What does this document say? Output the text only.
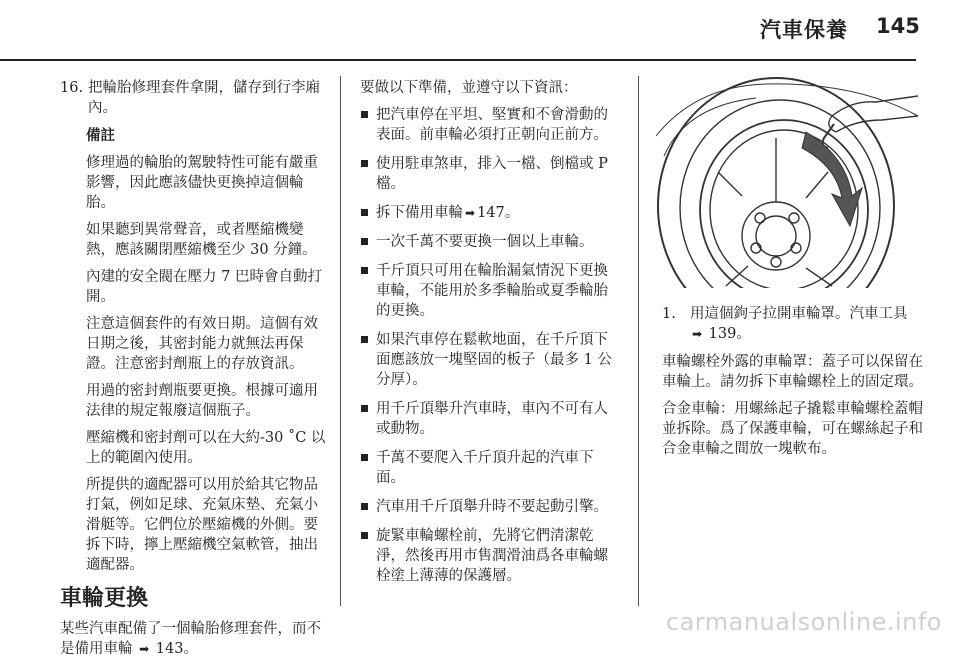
汽車保養 145
16. 把輪胎修理套件拿開，儲存到行李廂內。

備註

修理過的輪胎的駕駛特性可能有嚴重影響，因此應該儘快更換掉這個輪胎。

如果聽到異常聲音，或者壓縮機變熱，應該關閉壓縮機至少 30 分鐘。

內建的安全閥在壓力 7 巴時會自動打開。

注意這個套件的有效日期。這個有效日期之後，其密封能力就無法再保證。注意密封劑瓶上的存放資訊。

用過的密封劑瓶要更換。根據可適用法律的規定報廢這個瓶子。

壓縮機和密封劑可以在大約-30 ˚C 以上的範圍內使用。

所提供的適配器可以用於給其它物品打氣，例如足球、充氣床墊、充氣小滑艇等。它們位於壓縮機的外側。要拆下時，擰上壓縮機空氣軟管，抽出適配器。

車輪更換

某些汽車配備了一個輪胎修理套件，而不是備用車輪 ➡ 143。

要做以下準備，並遵守以下資訊：

把汽車停在平坦、堅實和不會滑動的表面。前車輪必須打正朝向正前方。
使用駐車煞車，排入一檔、倒檔或 P 檔。
拆下備用車輪 ➡ 147。
一次千萬不要更換一個以上車輪。
千斤頂只可用在輪胎漏氣情況下更換車輪，不能用於多季輪胎或夏季輪胎的更換。
如果汽車停在鬆軟地面，在千斤頂下面應該放一塊堅固的板子（最多 1 公分厚）。
用千斤頂舉升汽車時，車內不可有人或動物。
千萬不要爬入千斤頂升起的汽車下面。
汽車用千斤頂舉升時不要起動引擎。
旋緊車輪螺栓前，先將它們清潔乾淨，然後再用市售潤滑油爲各車輪螺栓塗上薄薄的保護層。
1. 用這個鉤子拉開車輪罩。汽車工具
➡ 139。

車輪螺栓外露的車輪罩：蓋子可以保留在車輪上。請勿拆下車輪螺栓上的固定環。

合金車輪：用螺絲起子撬鬆車輪螺栓蓋帽並拆除。爲了保護車輪，可在螺絲起子和合金車輪之間放一塊軟布。

carmanualsonline.info
